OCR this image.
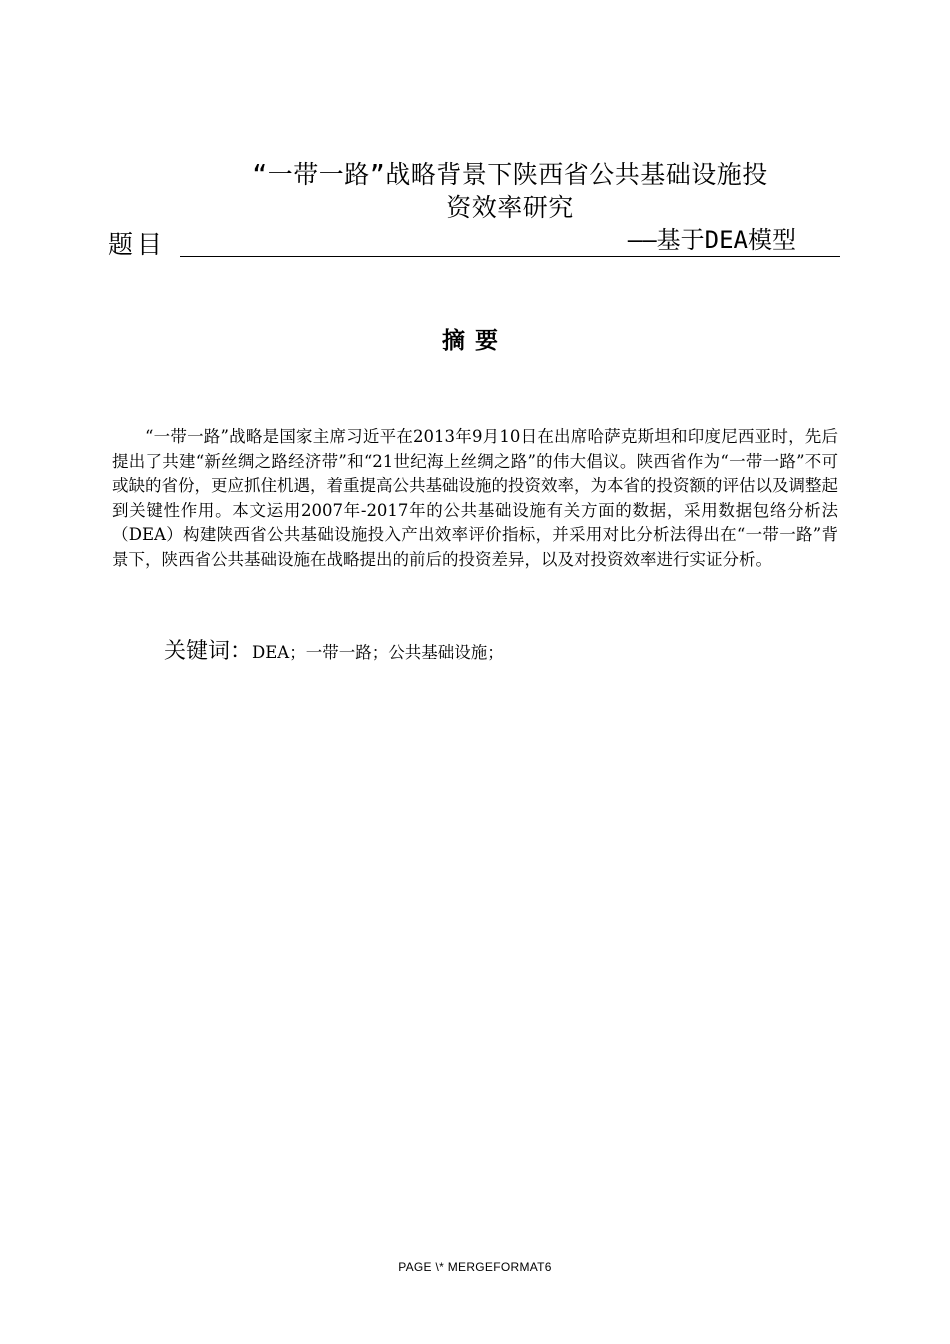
“一带一路”战略背景下陕西省公共基础设施投
资效率研究
题目	——基于DEA模型
摘要

“一带一路”战略是国家主席习近平在2013年9月10日在出席哈萨克斯坦和印度尼西亚时，先后提出了共建“新丝绸之路经济带”和“21世纪海上丝绸之路”的伟大倡议。陕西省作为“一带一路”不可或缺的省份，更应抓住机遇，着重提高公共基础设施的投资效率，为本省的投资额的评估以及调整起到关键性作用。本文运用2007年-2017年的公共基础设施有关方面的数据，采用数据包络分析法（DEA）构建陕西省公共基础设施投入产出效率评价指标，并采用对比分析法得出在“一带一路”背景下，陕西省公共基础设施在战略提出的前后的投资差异，以及对投资效率进行实证分析。

关键词：DEA；一带一路；公共基础设施；
PAGE \* MERGEFORMAT6
